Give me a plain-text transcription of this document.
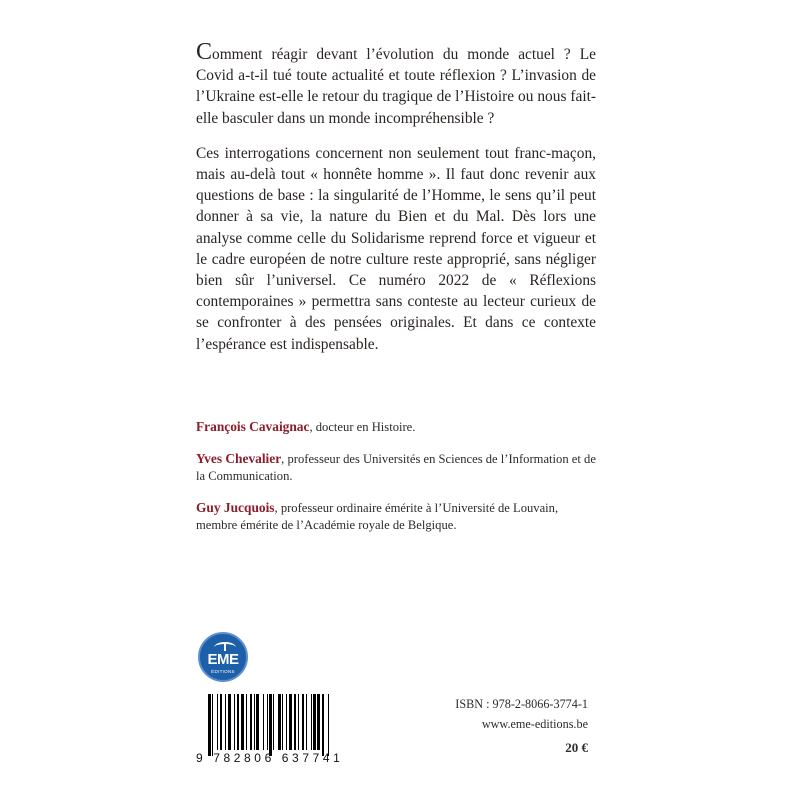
Comment réagir devant l’évolution du monde actuel ? Le Covid a-t-il tué toute actualité et toute réflexion ? L’invasion de l’Ukraine est-elle le retour du tragique de l’Histoire ou nous fait-elle basculer dans un monde incompréhensible ?

Ces interrogations concernent non seulement tout franc-maçon, mais au-delà tout « honnête homme ». Il faut donc revenir aux questions de base : la singularité de l’Homme, le sens qu’il peut donner à sa vie, la nature du Bien et du Mal. Dès lors une analyse comme celle du Solidarisme reprend force et vigueur et le cadre européen de notre culture reste approprié, sans négliger bien sûr l’universel. Ce numéro 2022 de « Réflexions contemporaines » permettra sans conteste au lecteur curieux de se confronter à des pensées originales. Et dans ce contexte l’espérance est indispensable.

François Cavaignac, docteur en Histoire.
Yves Chevalier, professeur des Universités en Sciences de l’Information et de la Communication.
Guy Jucquois, professeur ordinaire émérite à l’Université de Louvain, membre émérite de l’Académie royale de Belgique.
EME
ÉDITIONS
9 782806 637741
ISBN : 978-2-8066-3774-1
www.eme-editions.be
20 €
